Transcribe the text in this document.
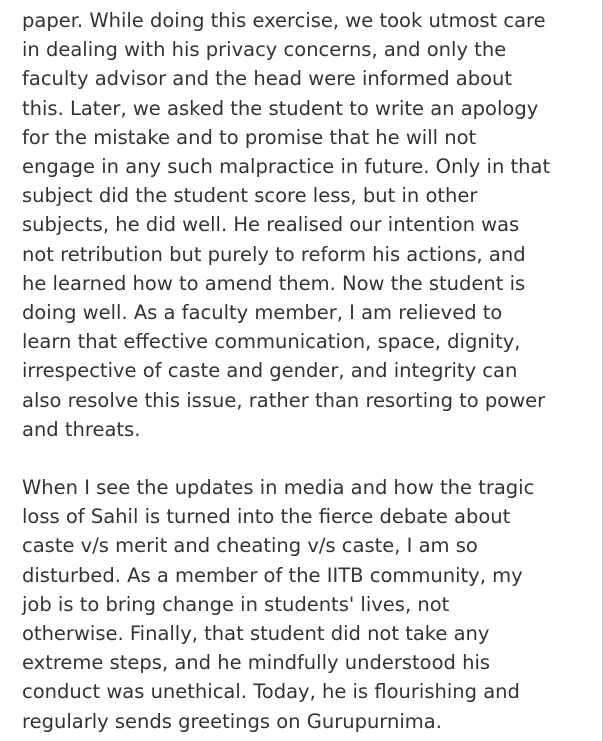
paper. While doing this exercise, we took utmost care
in dealing with his privacy concerns, and only the
faculty advisor and the head were informed about
this. Later, we asked the student to write an apology
for the mistake and to promise that he will not
engage in any such malpractice in future. Only in that
subject did the student score less, but in other
subjects, he did well. He realised our intention was
not retribution but purely to reform his actions, and
he learned how to amend them. Now the student is
doing well. As a faculty member, I am relieved to
learn that effective communication, space, dignity,
irrespective of caste and gender, and integrity can
also resolve this issue, rather than resorting to power
and threats.

When I see the updates in media and how the tragic
loss of Sahil is turned into the fierce debate about
caste v/s merit and cheating v/s caste, I am so
disturbed. As a member of the IITB community, my
job is to bring change in students' lives, not
otherwise. Finally, that student did not take any
extreme steps, and he mindfully understood his
conduct was unethical. Today, he is flourishing and
regularly sends greetings on Gurupurnima.
